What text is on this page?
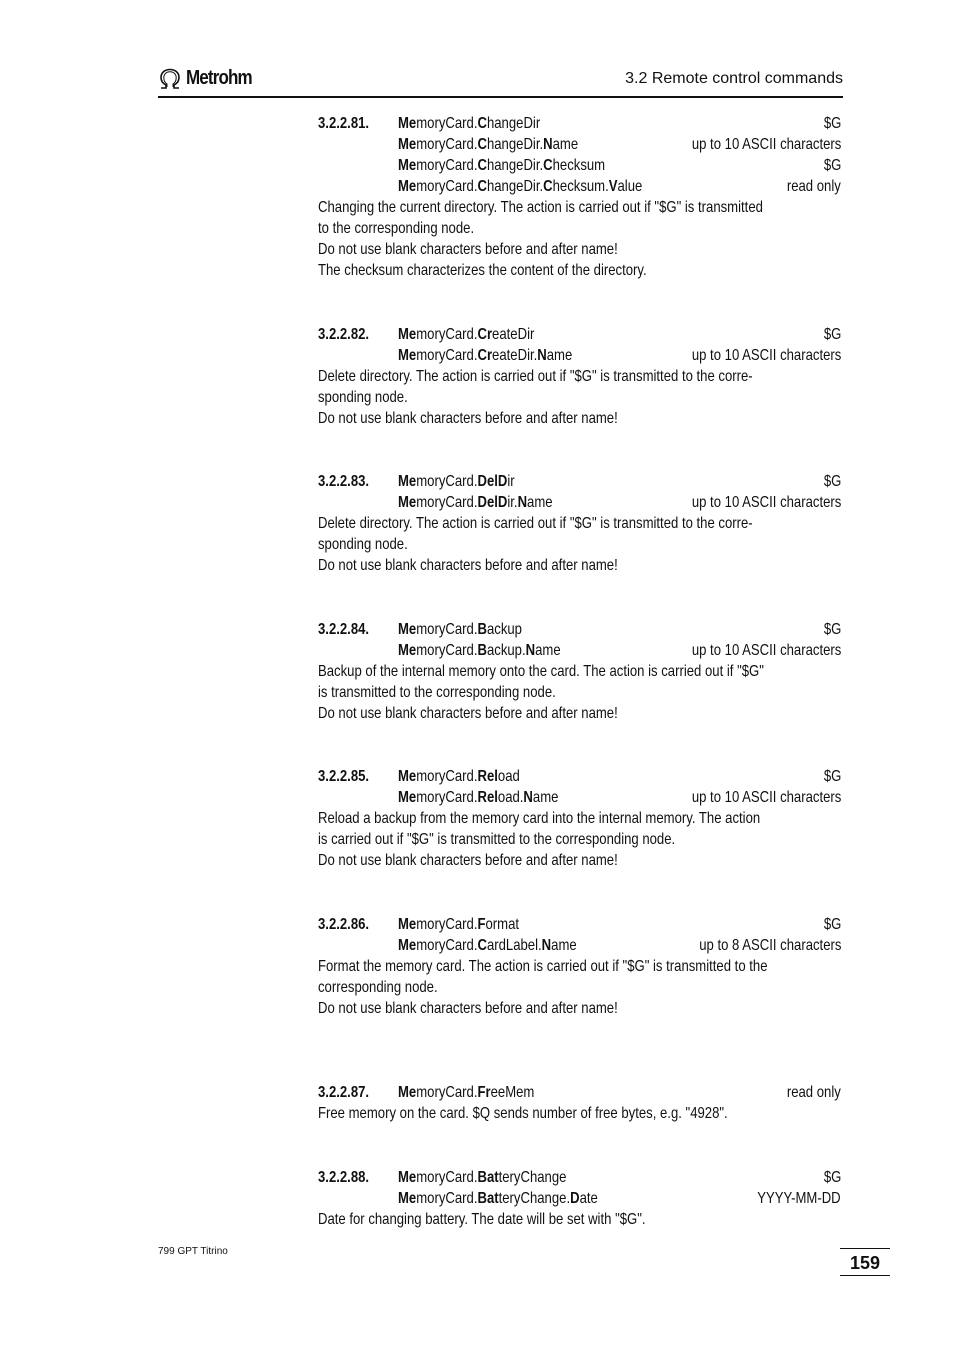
Metrohm	3.2 Remote control commands
3.2.2.81. MemoryCard.ChangeDir	$G
MemoryCard.ChangeDir.Name	up to 10 ASCII characters
MemoryCard.ChangeDir.Checksum	$G
MemoryCard.ChangeDir.Checksum.Value	read only
Changing the current directory. The action is carried out if "$G" is transmitted
to the corresponding node.
Do not use blank characters before and after name!
The checksum characterizes the content of the directory.
3.2.2.82. MemoryCard.CreateDir	$G
MemoryCard.CreateDir.Name	up to 10 ASCII characters
Delete directory. The action is carried out if "$G" is transmitted to the corre-
sponding node.
Do not use blank characters before and after name!
3.2.2.83. MemoryCard.DelDir	$G
MemoryCard.DelDir.Name	up to 10 ASCII characters
Delete directory. The action is carried out if "$G" is transmitted to the corre-
sponding node.
Do not use blank characters before and after name!
3.2.2.84. MemoryCard.Backup	$G
MemoryCard.Backup.Name	up to 10 ASCII characters
Backup of the internal memory onto the card. The action is carried out if "$G"
is transmitted to the corresponding node.
Do not use blank characters before and after name!
3.2.2.85. MemoryCard.Reload	$G
MemoryCard.Reload.Name	up to 10 ASCII characters
Reload a backup from the memory card into the internal memory. The action
is carried out if "$G" is transmitted to the corresponding node.
Do not use blank characters before and after name!
3.2.2.86. MemoryCard.Format	$G
MemoryCard.CardLabel.Name	up to 8 ASCII characters
Format the memory card. The action is carried out if "$G" is transmitted to the
corresponding node.
Do not use blank characters before and after name!
3.2.2.87. MemoryCard.FreeMem	read only
Free memory on the card. $Q sends number of free bytes, e.g. "4928".
3.2.2.88. MemoryCard.BatteryChange	$G
MemoryCard.BatteryChange.Date	YYYY-MM-DD
Date for changing battery. The date will be set with "$G".
799 GPT Titrino
159
